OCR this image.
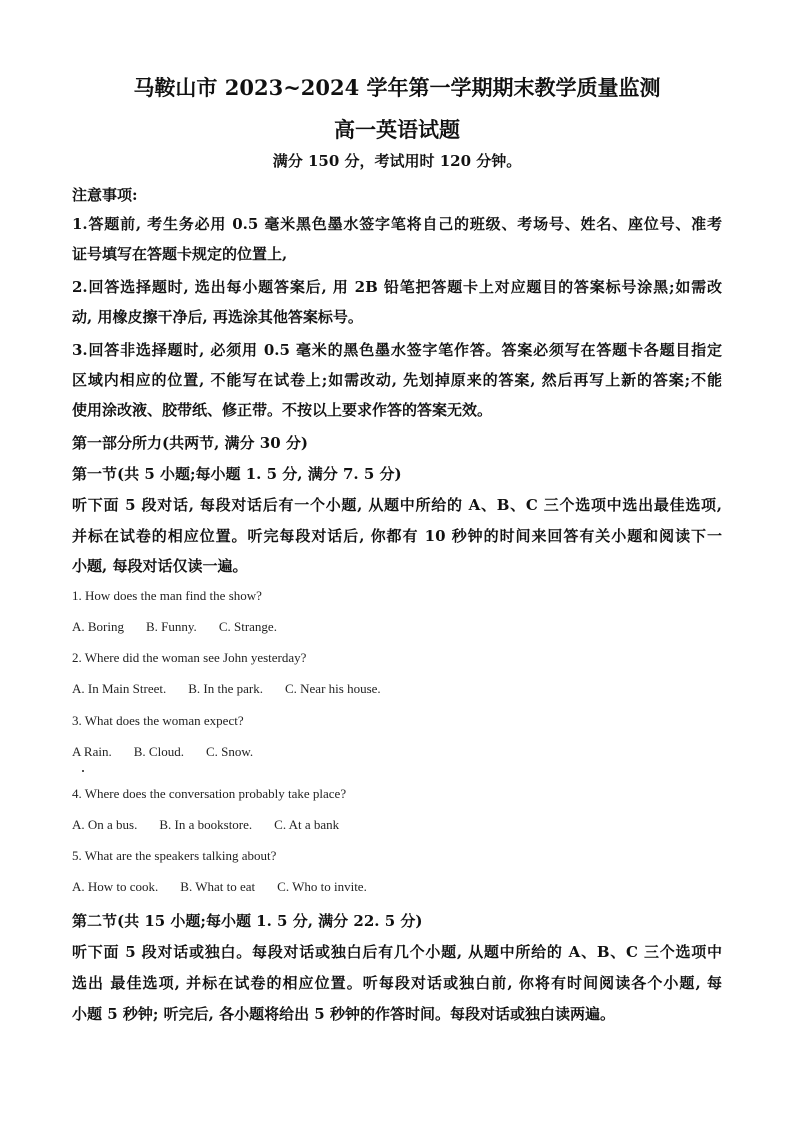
马鞍山市 2023~2024 学年第一学期期末教学质量监测
高一英语试题
满分 150 分，考试用时 120 分钟。
注意事项:
1.答题前, 考生务必用 0.5 毫米黑色墨水签字笔将自己的班级、考场号、姓名、座位号、准考
证号填写在答题卡规定的位置上,
2.回答选择题时, 选出每小题答案后, 用 2B 铅笔把答题卡上对应题目的答案标号涂黑;如需改
动, 用橡皮擦干净后, 再选涂其他答案标号。
3.回答非选择题时, 必须用 0.5 毫米的黑色墨水签字笔作答。答案必须写在答题卡各题目指定
区域内相应的位置, 不能写在试卷上;如需改动, 先划掉原来的答案, 然后再写上新的答案;不能
使用涂改液、胶带纸、修正带。不按以上要求作答的答案无效。
第一部分所力(共两节, 满分 30 分)
第一节(共 5 小题;每小题 1. 5 分, 满分 7. 5 分)
听下面 5 段对话, 每段对话后有一个小题, 从题中所给的 A、B、C 三个选项中选出最佳选项,
并标在试卷的相应位置。听完每段对话后, 你都有 10 秒钟的时间来回答有关小题和阅读下一
小题, 每段对话仅读一遍。
1. How does the man find the show?
A. Boring B. Funny. C. Strange.
2. Where did the woman see John yesterday?
A. In Main Street. B. In the park. C. Near his house.
3. What does the woman expect?
A Rain. B. Cloud. C. Snow.
4. Where does the conversation probably take place?
A. On a bus. B. In a bookstore. C. At a bank
5. What are the speakers talking about?
A. How to cook. B. What to eat C. Who to invite.
第二节(共 15 小题;每小题 1. 5 分, 满分 22. 5 分)
听下面 5 段对话或独白。每段对话或独白后有几个小题, 从题中所给的 A、B、C 三个选项中
选出 最佳选项, 并标在试卷的相应位置。听每段对话或独白前, 你将有时间阅读各个小题, 每
小题 5 秒钟; 听完后, 各小题将给出 5 秒钟的作答时间。每段对话或独白读两遍。
